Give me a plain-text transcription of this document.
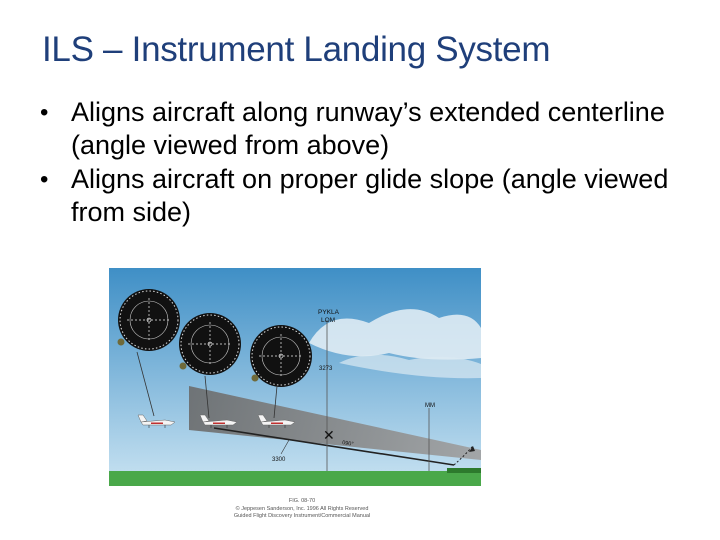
ILS – Instrument Landing System
• Aligns aircraft along runway’s extended centerline (angle viewed from above)
• Aligns aircraft on proper glide slope (angle viewed from side)
✕
PYKLA
LOM
3273
MM
090°
3300
FIG. 08-70
© Jeppesen Sanderson, Inc. 1996 All Rights Reserved
Guided Flight Discovery Instrument/Commercial Manual
